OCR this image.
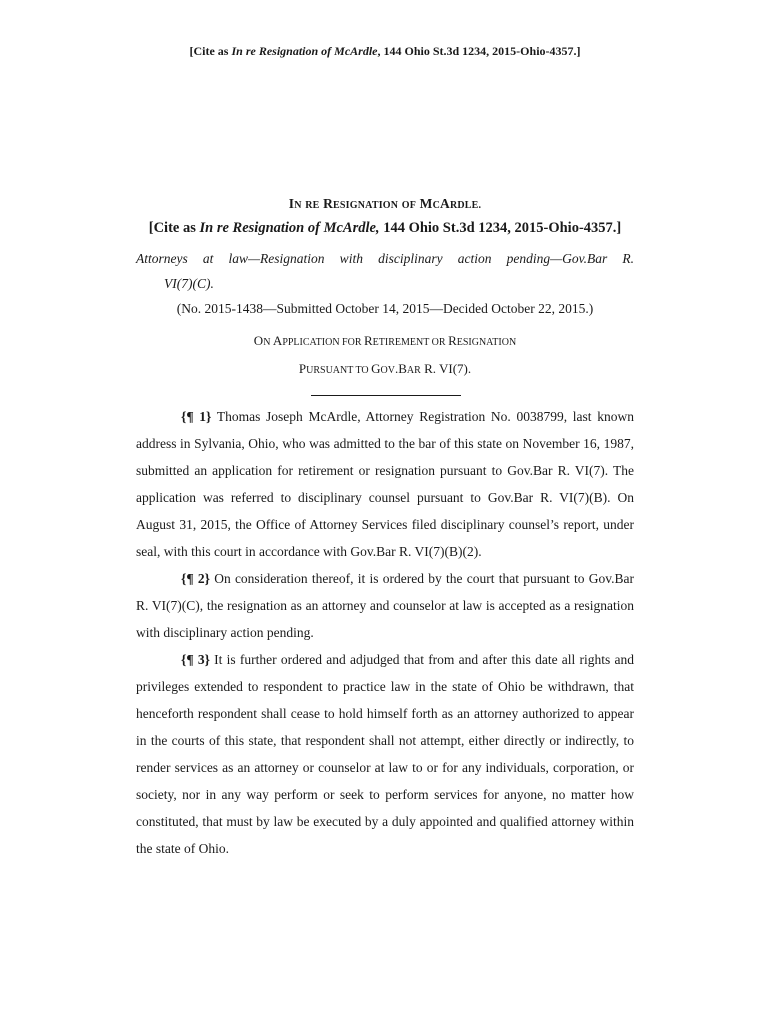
[Cite as In re Resignation of McArdle, 144 Ohio St.3d 1234, 2015-Ohio-4357.]
IN RE RESIGNATION OF MCARDLE.
[Cite as In re Resignation of McArdle, 144 Ohio St.3d 1234, 2015-Ohio-4357.]
Attorneys at law—Resignation with disciplinary action pending—Gov.Bar R.
VI(7)(C).
(No. 2015-1438—Submitted October 14, 2015—Decided October 22, 2015.)
ON APPLICATION FOR RETIREMENT OR RESIGNATION
PURSUANT TO GOV.BAR R. VI(7).

{¶ 1} Thomas Joseph McArdle, Attorney Registration No. 0038799, last known address in Sylvania, Ohio, who was admitted to the bar of this state on November 16, 1987, submitted an application for retirement or resignation pursuant to Gov.Bar R. VI(7). The application was referred to disciplinary counsel pursuant to Gov.Bar R. VI(7)(B). On August 31, 2015, the Office of Attorney Services filed disciplinary counsel’s report, under seal, with this court in accordance with Gov.Bar R. VI(7)(B)(2).

{¶ 2} On consideration thereof, it is ordered by the court that pursuant to Gov.Bar R. VI(7)(C), the resignation as an attorney and counselor at law is accepted as a resignation with disciplinary action pending.

{¶ 3} It is further ordered and adjudged that from and after this date all rights and privileges extended to respondent to practice law in the state of Ohio be withdrawn, that henceforth respondent shall cease to hold himself forth as an attorney authorized to appear in the courts of this state, that respondent shall not attempt, either directly or indirectly, to render services as an attorney or counselor at law to or for any individuals, corporation, or society, nor in any way perform or seek to perform services for anyone, no matter how constituted, that must by law be executed by a duly appointed and qualified attorney within the state of Ohio.
